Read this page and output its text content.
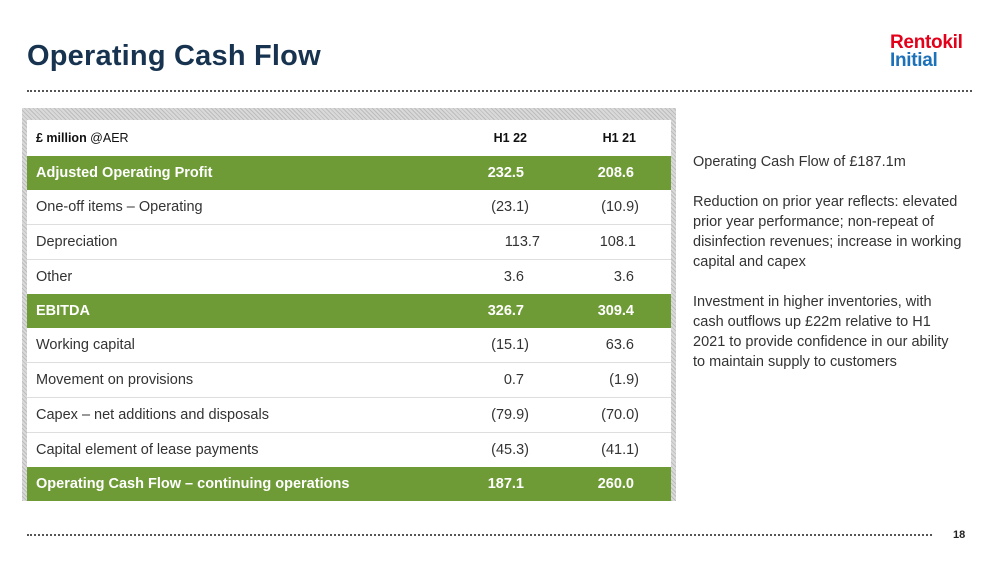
Operating Cash Flow	Rentokil
Initial
£ million @AER	H1 22	H1 21
Adjusted Operating Profit	232.5	208.6
One-off items – Operating	(23.1)	(10.9)
Depreciation	113.7	108.1
Other	3.6	3.6
EBITDA	326.7	309.4
Working capital	(15.1)	63.6
Movement on provisions	0.7	(1.9)
Capex – net additions and disposals	(79.9)	(70.0)
Capital element of lease payments	(45.3)	(41.1)
Operating Cash Flow – continuing operations	187.1	260.0

Operating Cash Flow of £187.1m

Reduction on prior year reflects: elevated prior year performance; non-repeat of disinfection revenues; increase in working capital and capex

Investment in higher inventories, with cash outflows up £22m relative to H1 2021 to provide confidence in our ability to maintain supply to customers

18
